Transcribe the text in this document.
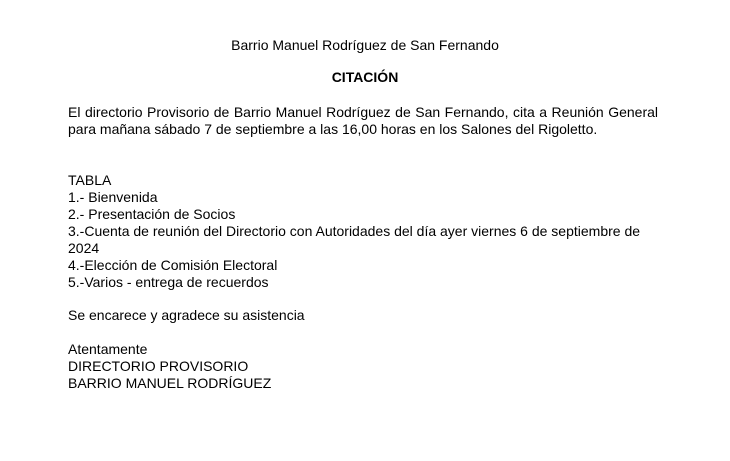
Barrio Manuel Rodríguez de San Fernando
CITACIÓN

El directorio Provisorio de Barrio Manuel Rodríguez de San Fernando, cita a Reunión General para mañana sábado 7 de septiembre a las 16,00 horas en los Salones del Rigoletto.

TABLA
1.- Bienvenida
2.- Presentación de Socios
3.-Cuenta de reunión del Directorio con Autoridades del día ayer viernes 6 de septiembre de 2024
4.-Elección de Comisión Electoral
5.-Varios - entrega de recuerdos
Se encarece y agradece su asistencia
Atentamente
DIRECTORIO PROVISORIO
BARRIO MANUEL RODRÍGUEZ
